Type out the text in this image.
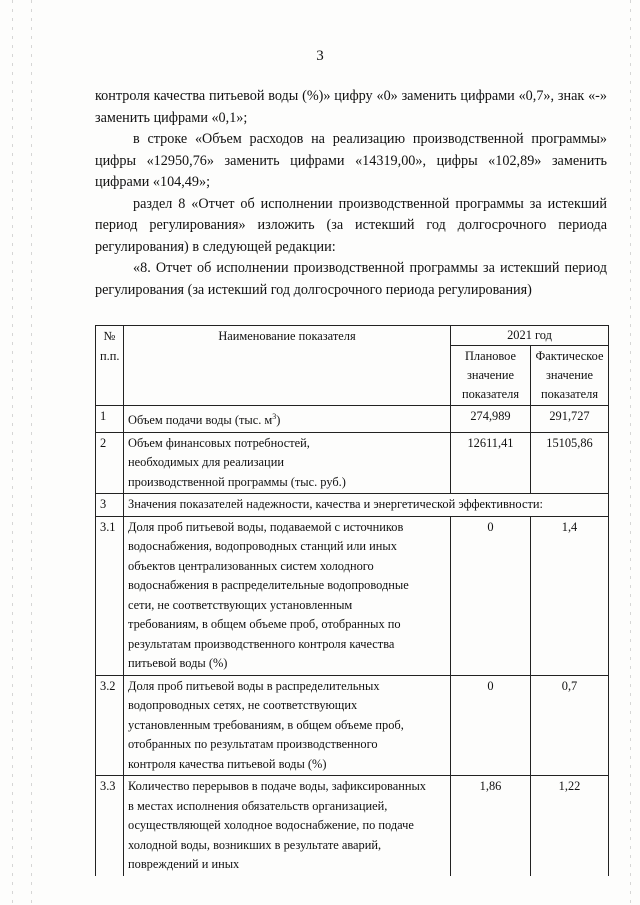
3

контроля качества питьевой воды (%)» цифру «0» заменить цифрами «0,7», знак «-» заменить цифрами «0,1»;

в строке «Объем расходов на реализацию производственной программы» цифры «12950,76» заменить цифрами «14319,00», цифры «102,89» заменить цифрами «104,49»;

раздел 8 «Отчет об исполнении производственной программы за истекший период регулирования» изложить (за истекший год долгосрочного периода регулирования) в следующей редакции:

«8. Отчет об исполнении производственной программы за истекший период регулирования (за истекший год долгосрочного периода регулирования)

№ п.п.	Наименование показателя	2021 год	
		Плановое значение показателя	Фактическое значение показателя
1	Объем подачи воды (тыс. $м^3$)	274,989	291,727
2	Объем финансовых потребностей, необходимых для реализации производственной программы (тыс. руб.)	12611,41	15105,86
3	Значения показателей надежности, качества и энергетической эффективности:		
3.1	Доля проб питьевой воды, подаваемой с источников водоснабжения, водопроводных станций или иных объектов централизованных систем холодного водоснабжения в распределительные водопроводные сети, не соответствующих установленным требованиям, в общем объеме проб, отобранных по результатам производственного контроля качества питьевой воды (%)	0	1,4
3.2	Доля проб питьевой воды в распределительных водопроводных сетях, не соответствующих установленным требованиям, в общем объеме проб, отобранных по результатам производственного контроля качества питьевой воды (%)	0	0,7
3.3	Количество перерывов в подаче воды, зафиксированных в местах исполнения обязательств организацией, осуществляющей холодное водоснабжение, по подаче холодной воды, возникших в результате аварий, повреждений и иных	1,86	1,22
